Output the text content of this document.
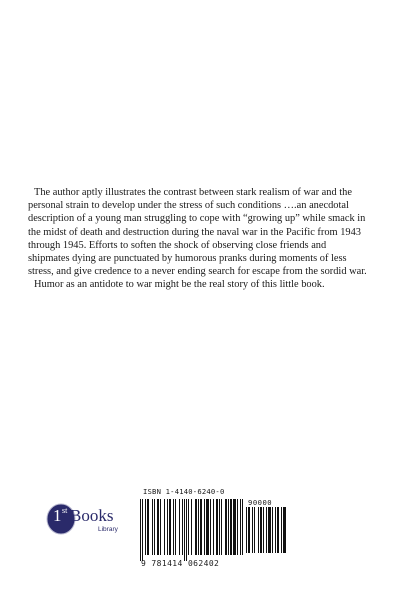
The author aptly illustrates the contrast between stark realism of war and the personal strain to develop under the stress of such conditions ….an anecdotal description of a young man struggling to cope with “growing up” while smack in the midst of death and destruction during the naval war in the Pacific from 1943 through 1945. Efforts to soften the shock of observing close friends and shipmates dying are punctuated by humorous pranks during moments of less stress, and give credence to a never ending search for escape from the sordid war.

Humor as an antidote to war might be the real story of this little book.

1 st Books
Library
ISBN 1-4140-6240-0
90000
9 781414 062402
